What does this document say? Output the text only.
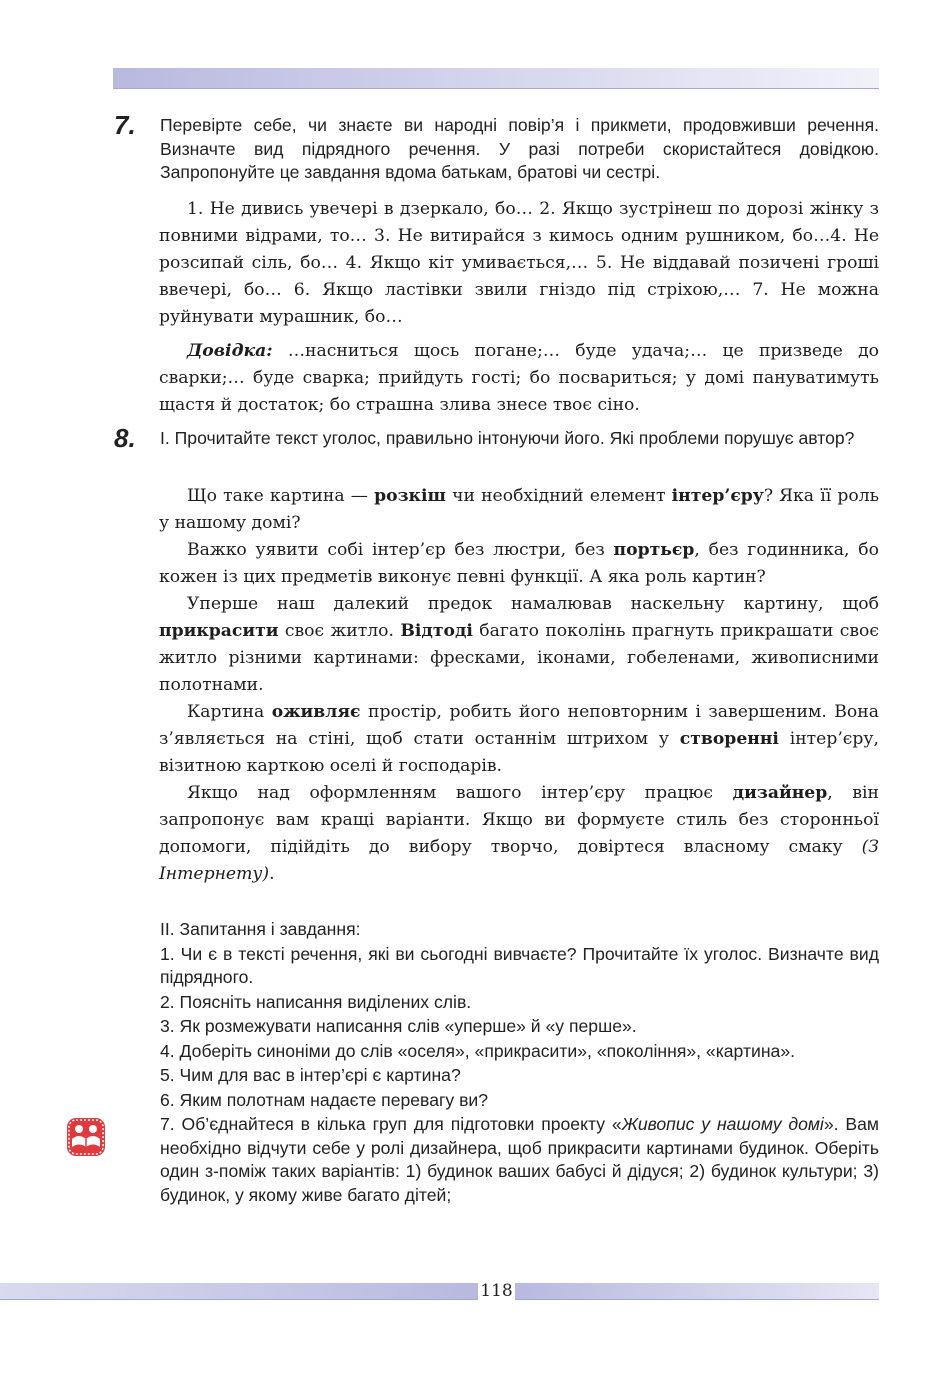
7. Перевірте себе, чи знаєте ви народні повір’я і прикмети, продовживши речення. Визначте вид підрядного речення. У разі потреби скористайтеся довідкою. Запропонуйте це завдання вдома батькам, братові чи сестрі.

1. Не дивись увечері в дзеркало, бо… 2. Якщо зустрінеш по дорозі жінку з повними відрами, то… 3. Не витирайся з кимось одним рушником, бо…4. Не розсипай сіль, бо… 4. Якщо кіт умивається,… 5. Не віддавай позичені гроші ввечері, бо… 6. Якщо ластівки звили гніздо під стріхою,… 7. Не можна руйнувати мурашник, бо…

Довідка: …насниться щось погане;… буде удача;… це призведе до сварки;… буде сварка; прийдуть гості; бо посвариться; у домі пануватимуть щастя й достаток; бо страшна злива знесе твоє сіно.

8. І. Прочитайте текст уголос, правильно інтонуючи його. Які проблеми порушує автор?

Що таке картина — розкіш чи необхідний елемент інтер’єру? Яка її роль у нашому домі?

Важко уявити собі інтер’єр без люстри, без портьєр, без годинника, бо кожен із цих предметів виконує певні функції. А яка роль картин?

Уперше наш далекий предок намалював наскельну картину, щоб прикрасити своє житло. Відтоді багато поколінь прагнуть прикрашати своє житло різними картинами: фресками, іконами, гобеленами, живописними полотнами.

Картина оживляє простір, робить його неповторним і завершеним. Вона з’являється на стіні, щоб стати останнім штрихом у створенні інтер’єру, візитною карткою оселі й господарів.

Якщо над оформленням вашого інтер’єру працює дизайнер, він запропонує вам кращі варіанти. Якщо ви формуєте стиль без сторонньої допомоги, підійдіть до вибору творчо, довіртеся власному смаку (З Інтернету).

ІІ. Запитання і завдання:
1. Чи є в тексті речення, які ви сьогодні вивчаєте? Прочитайте їх уголос. Визначте вид підрядного.
2. Поясніть написання виділених слів.
3. Як розмежувати написання слів «уперше» й «у перше».
4. Доберіть синоніми до слів «оселя», «прикрасити», «покоління», «картина».
5. Чим для вас в інтер’єрі є картина?
6. Яким полотнам надаєте перевагу ви?
7. Об’єднайтеся в кілька груп для підготовки проекту «Живопис у нашому домі». Вам необхідно відчути себе у ролі дизайнера, щоб прикрасити картинами будинок. Оберіть один з-поміж таких варіантів: 1) будинок ваших бабусі й дідуся; 2) будинок культури; 3) будинок, у якому живе багато дітей;
118
